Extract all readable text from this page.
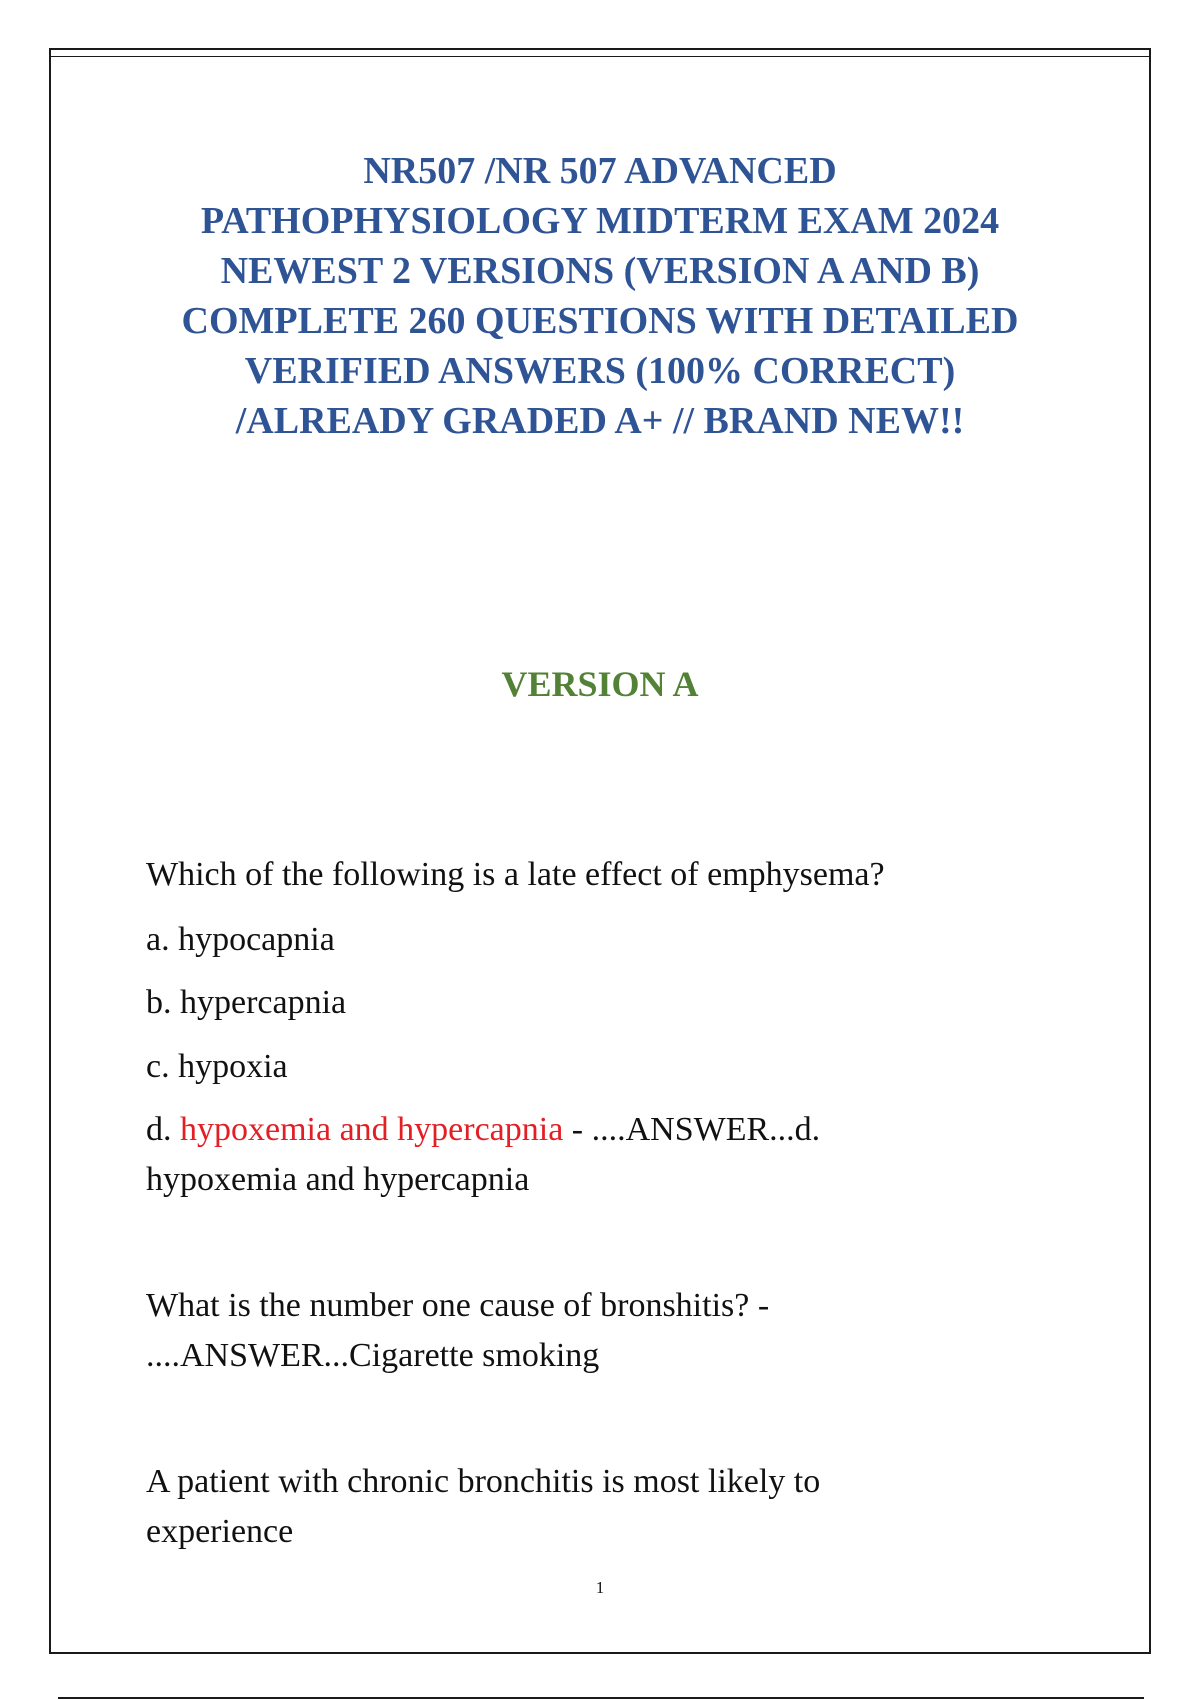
NR507 /NR 507 ADVANCED
PATHOPHYSIOLOGY MIDTERM EXAM 2024
NEWEST 2 VERSIONS (VERSION A AND B)
COMPLETE 260 QUESTIONS WITH DETAILED
VERIFIED ANSWERS (100% CORRECT)
/ALREADY GRADED A+ // BRAND NEW!!
VERSION A
Which of the following is a late effect of emphysema?
a. hypocapnia
b. hypercapnia
c. hypoxia
d. hypoxemia and hypercapnia - ....ANSWER...d.
hypoxemia and hypercapnia
What is the number one cause of bronshitis? -
....ANSWER...Cigarette smoking
A patient with chronic bronchitis is most likely to
experience
1
